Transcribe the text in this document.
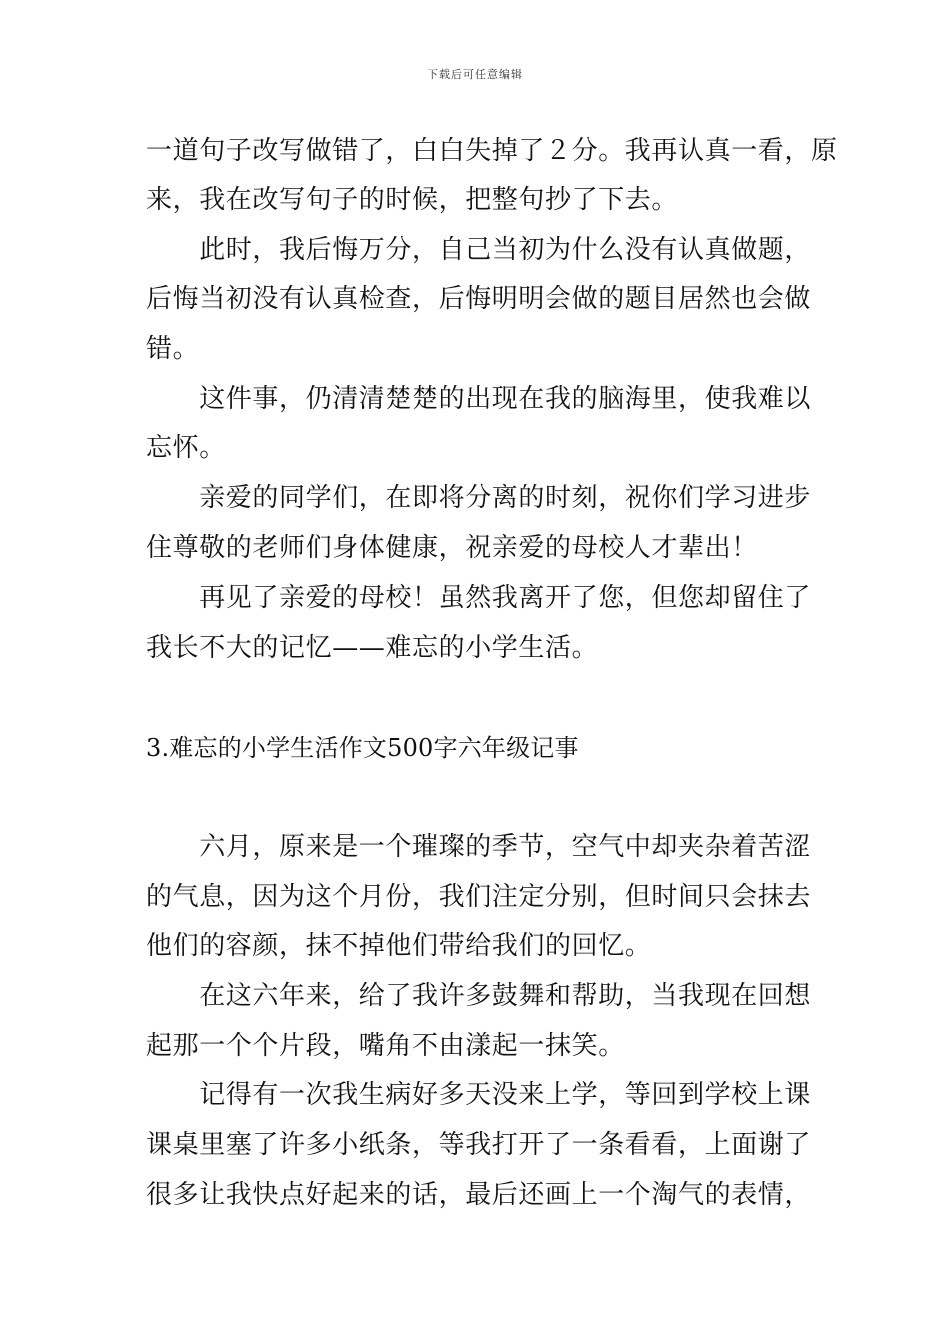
下载后可任意编辑
一道句子改写做错了，白白失掉了２分。我再认真一看，原
来，我在改写句子的时候，把整句抄了下去。
　　此时，我后悔万分，自己当初为什么没有认真做题，
后悔当初没有认真检查，后悔明明会做的题目居然也会做
错。
　　这件事，仍清清楚楚的出现在我的脑海里，使我难以
忘怀。
　　亲爱的同学们，在即将分离的时刻，祝你们学习进步
住尊敬的老师们身体健康，祝亲爱的母校人才辈出！
　　再见了亲爱的母校！虽然我离开了您，但您却留住了
我长不大的记忆——难忘的小学生活。
3.难忘的小学生活作文500字六年级记事
　　六月，原来是一个璀璨的季节，空气中却夹杂着苦涩
的气息，因为这个月份，我们注定分别，但时间只会抹去
他们的容颜，抹不掉他们带给我们的回忆。
　　在这六年来，给了我许多鼓舞和帮助，当我现在回想
起那一个个片段，嘴角不由漾起一抹笑。
　　记得有一次我生病好多天没来上学，等回到学校上课
课桌里塞了许多小纸条，等我打开了一条看看，上面谢了
很多让我快点好起来的话，最后还画上一个淘气的表情，
